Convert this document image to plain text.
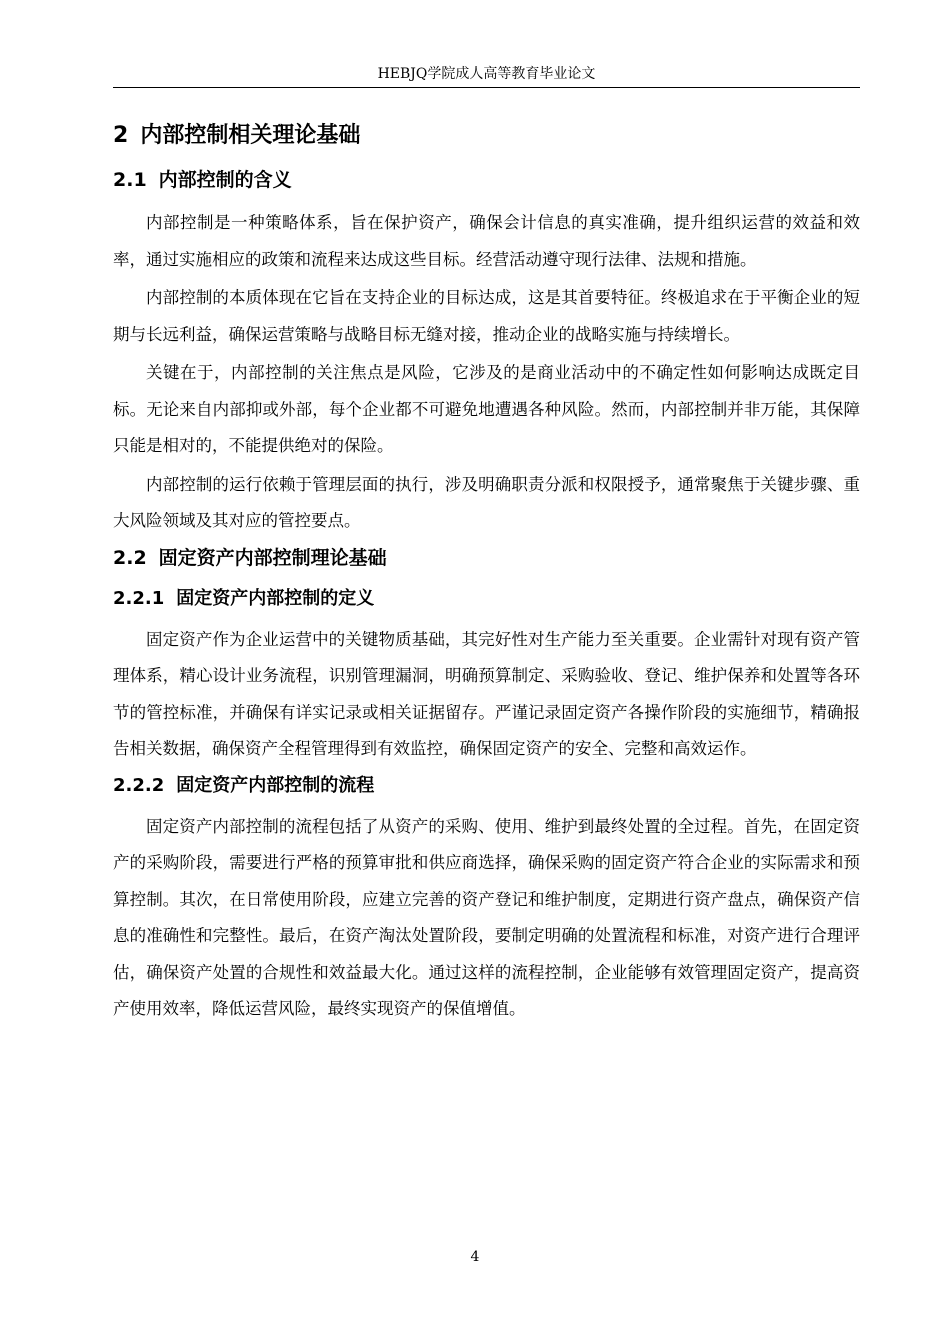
HEBJQ学院成人高等教育毕业论文
2 内部控制相关理论基础
2.1 内部控制的含义

内部控制是一种策略体系，旨在保护资产，确保会计信息的真实准确，提升组织运营的效益和效率，通过实施相应的政策和流程来达成这些目标。经营活动遵守现行法律、法规和措施。

内部控制的本质体现在它旨在支持企业的目标达成，这是其首要特征。终极追求在于平衡企业的短期与长远利益，确保运营策略与战略目标无缝对接，推动企业的战略实施与持续增长。

关键在于，内部控制的关注焦点是风险，它涉及的是商业活动中的不确定性如何影响达成既定目标。无论来自内部抑或外部，每个企业都不可避免地遭遇各种风险。然而，内部控制并非万能，其保障只能是相对的，不能提供绝对的保险。

内部控制的运行依赖于管理层面的执行，涉及明确职责分派和权限授予，通常聚焦于关键步骤、重大风险领域及其对应的管控要点。

2.2 固定资产内部控制理论基础
2.2.1 固定资产内部控制的定义

固定资产作为企业运营中的关键物质基础，其完好性对生产能力至关重要。企业需针对现有资产管理体系，精心设计业务流程，识别管理漏洞，明确预算制定、采购验收、登记、维护保养和处置等各环节的管控标准，并确保有详实记录或相关证据留存。严谨记录固定资产各操作阶段的实施细节，精确报告相关数据，确保资产全程管理得到有效监控，确保固定资产的安全、完整和高效运作。

2.2.2 固定资产内部控制的流程

固定资产内部控制的流程包括了从资产的采购、使用、维护到最终处置的全过程。首先，在固定资产的采购阶段，需要进行严格的预算审批和供应商选择，确保采购的固定资产符合企业的实际需求和预算控制。其次，在日常使用阶段，应建立完善的资产登记和维护制度，定期进行资产盘点，确保资产信息的准确性和完整性。最后，在资产淘汰处置阶段，要制定明确的处置流程和标准，对资产进行合理评估，确保资产处置的合规性和效益最大化。通过这样的流程控制，企业能够有效管理固定资产，提高资产使用效率，降低运营风险，最终实现资产的保值增值。

4
